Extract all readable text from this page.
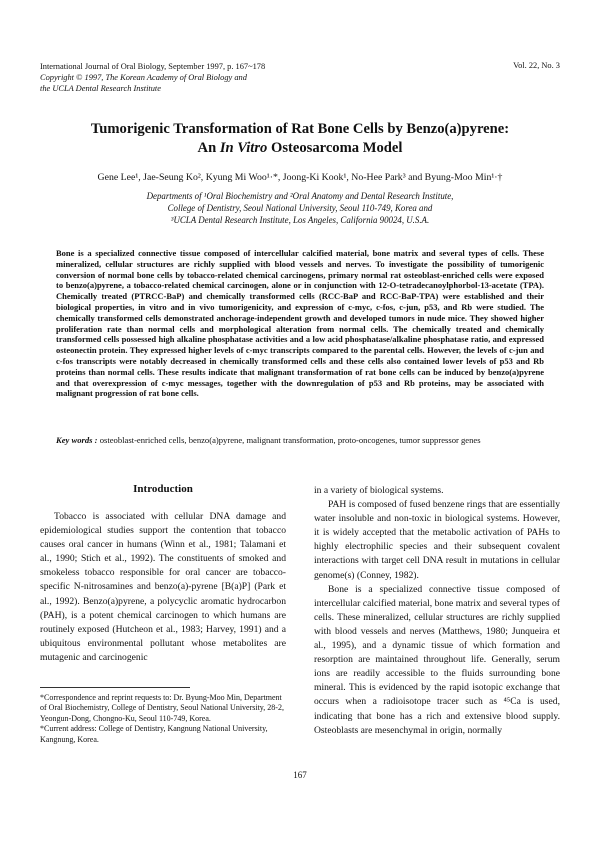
International Journal of Oral Biology, September 1997, p. 167~178
Copyright © 1997, The Korean Academy of Oral Biology and
the UCLA Dental Research Institute
Vol. 22, No. 3
Tumorigenic Transformation of Rat Bone Cells by Benzo(a)pyrene:
An In Vitro Osteosarcoma Model
Gene Lee¹, Jae-Seung Ko², Kyung Mi Woo¹·*, Joong-Ki Kook¹, No-Hee Park³ and Byung-Moo Min¹·†
Departments of ¹Oral Biochemistry and ²Oral Anatomy and Dental Research Institute,
College of Dentistry, Seoul National University, Seoul 110-749, Korea and
³UCLA Dental Research Institute, Los Angeles, California 90024, U.S.A.
Bone is a specialized connective tissue composed of intercellular calcified material, bone matrix and several types of cells. These mineralized, cellular structures are richly supplied with blood vessels and nerves. To investigate the possibility of tumorigenic conversion of normal bone cells by tobacco-related chemical carcinogens, primary normal rat osteoblast-enriched cells were exposed to benzo(a)pyrene, a tobacco-related chemical carcinogen, alone or in conjunction with 12-O-tetradecanoylphorbol-13-acetate (TPA). Chemically treated (PTRCC-BaP) and chemically transformed cells (RCC-BaP and RCC-BaP-TPA) were established and their biological properties, in vitro and in vivo tumorigenicity, and expression of c-myc, c-fos, c-jun, p53, and Rb were studied. The chemically transformed cells demonstrated anchorage-independent growth and developed tumors in nude mice. They showed higher proliferation rate than normal cells and morphological alteration from normal cells. The chemically treated and chemically transformed cells possessed high alkaline phosphatase activities and a low acid phosphatase/alkaline phosphatase ratio, and expressed osteonectin protein. They expressed higher levels of c-myc transcripts compared to the parental cells. However, the levels of c-jun and c-fos transcripts were notably decreased in chemically transformed cells and these cells also contained lower levels of p53 and Rb proteins than normal cells. These results indicate that malignant transformation of rat bone cells can be induced by benzo(a)pyrene and that overexpression of c-myc messages, together with the downregulation of p53 and Rb proteins, may be associated with malignant progression of rat bone cells.
Key words : osteoblast-enriched cells, benzo(a)pyrene, malignant transformation, proto-oncogenes, tumor suppressor genes
Introduction

Tobacco is associated with cellular DNA damage and epidemiological studies support the contention that tobacco causes oral cancer in humans (Winn et al., 1981; Talamani et al., 1990; Stich et al., 1992). The constituents of smoked and smokeless tobacco responsible for oral cancer are tobacco-specific N-nitrosamines and benzo(a)-pyrene [B(a)P] (Park et al., 1992). Benzo(a)pyrene, a polycyclic aromatic hydrocarbon (PAH), is a potent chemical carcinogen to which humans are routinely exposed (Hutcheon et al., 1983; Harvey, 1991) and a ubiquitous environmental pollutant whose metabolites are mutagenic and carcinogenic

in a variety of biological systems.

PAH is composed of fused benzene rings that are essentially water insoluble and non-toxic in biological systems. However, it is widely accepted that the metabolic activation of PAHs to highly electrophilic species and their subsequent covalent interactions with target cell DNA result in mutations in cellular genome(s) (Conney, 1982).

Bone is a specialized connective tissue composed of intercellular calcified material, bone matrix and several types of cells. These mineralized, cellular structures are richly supplied with blood vessels and nerves (Matthews, 1980; Junqueira et al., 1995), and a dynamic tissue of which formation and resorption are maintained throughout life. Generally, serum ions are readily accessible to the fluids surrounding bone mineral. This is evidenced by the rapid isotopic exchange that occurs when a radioisotope tracer such as ⁴⁵Ca is used, indicating that bone has a rich and extensive blood supply. Osteoblasts are mesenchymal in origin, normally

*Correspondence and reprint requests to: Dr. Byung-Moo Min, Department of Oral Biochemistry, College of Dentistry, Seoul National University, 28-2, Yeongun-Dong, Chongno-Ku, Seoul 110-749, Korea.

*Current address: College of Dentistry, Kangnung National University, Kangnung, Korea.

167
